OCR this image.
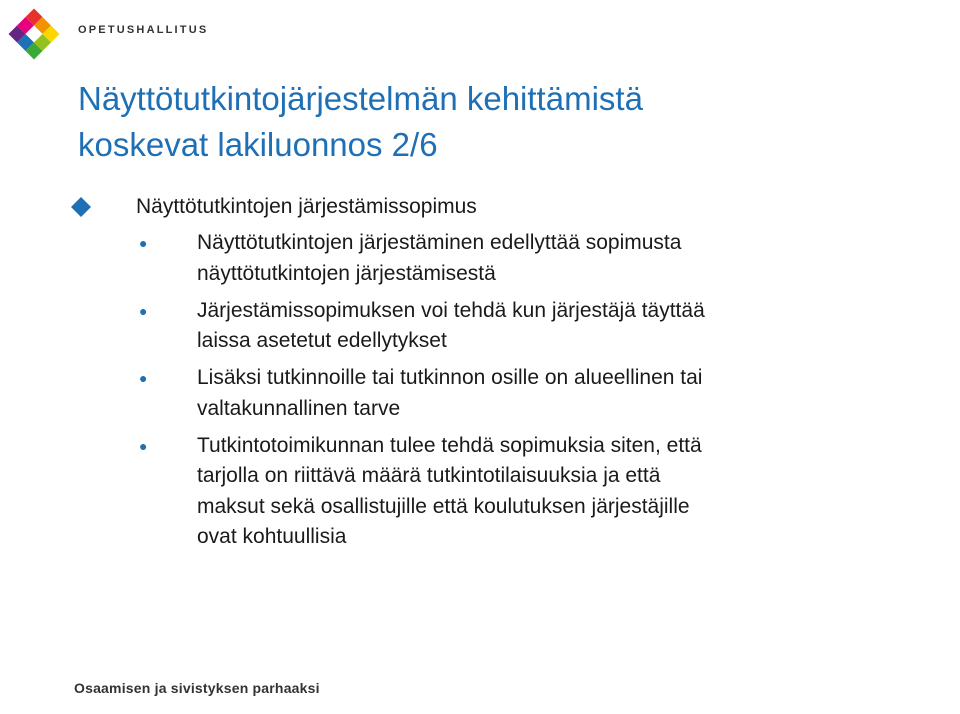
OPETUSHALLITUS
Näyttötutkintojärjestelmän kehittämistä
koskevat lakiluonnos 2/6
Näyttötutkintojen järjestämissopimus
● Näyttötutkintojen järjestäminen edellyttää sopimusta
näyttötutkintojen järjestämisestä
● Järjestämissopimuksen voi tehdä kun järjestäjä täyttää
laissa asetetut edellytykset
● Lisäksi tutkinnoille tai tutkinnon osille on alueellinen tai
valtakunnallinen tarve
● Tutkintotoimikunnan tulee tehdä sopimuksia siten, että
tarjolla on riittävä määrä tutkintotilaisuuksia ja että
maksut sekä osallistujille että koulutuksen järjestäjille
ovat kohtuullisia
Osaamisen ja sivistyksen parhaaksi
